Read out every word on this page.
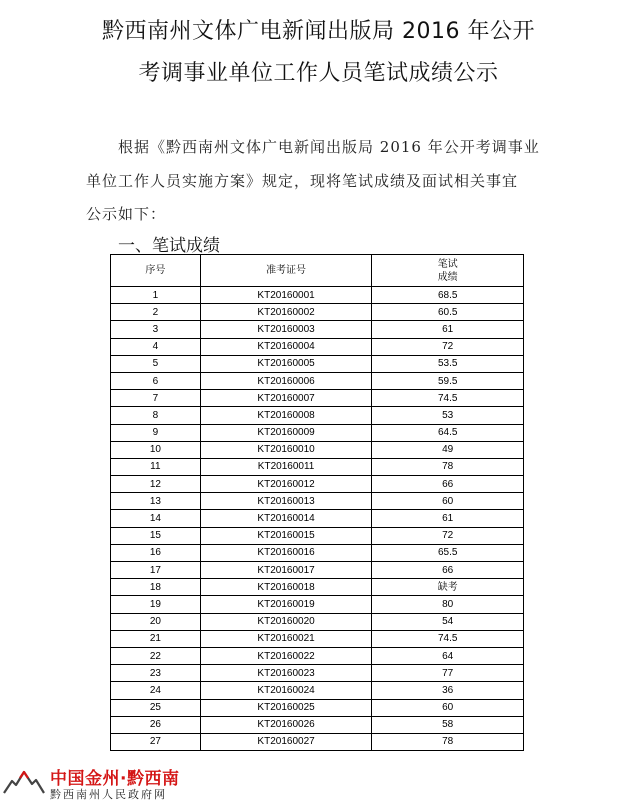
黔西南州文体广电新闻出版局 2016 年公开
考调事业单位工作人员笔试成绩公示
根据《黔西南州文体广电新闻出版局 2016 年公开考调事业
单位工作人员实施方案》规定，现将笔试成绩及面试相关事宜
公示如下：
一、笔试成绩
序号	准考证号	笔试
成绩

1	KT20160001	68.5
2	KT20160002	60.5
3	KT20160003	61
4	KT20160004	72
5	KT20160005	53.5
6	KT20160006	59.5
7	KT20160007	74.5
8	KT20160008	53
9	KT20160009	64.5
10	KT20160010	49
11	KT20160011	78
12	KT20160012	66
13	KT20160013	60
14	KT20160014	61
15	KT20160015	72
16	KT20160016	65.5
17	KT20160017	66
18	KT20160018	缺考
19	KT20160019	80
20	KT20160020	54
21	KT20160021	74.5
22	KT20160022	64
23	KT20160023	77
24	KT20160024	36
25	KT20160025	60
26	KT20160026	58
27	KT20160027	78
中国金州·黔西南
黔西南州人民政府网
